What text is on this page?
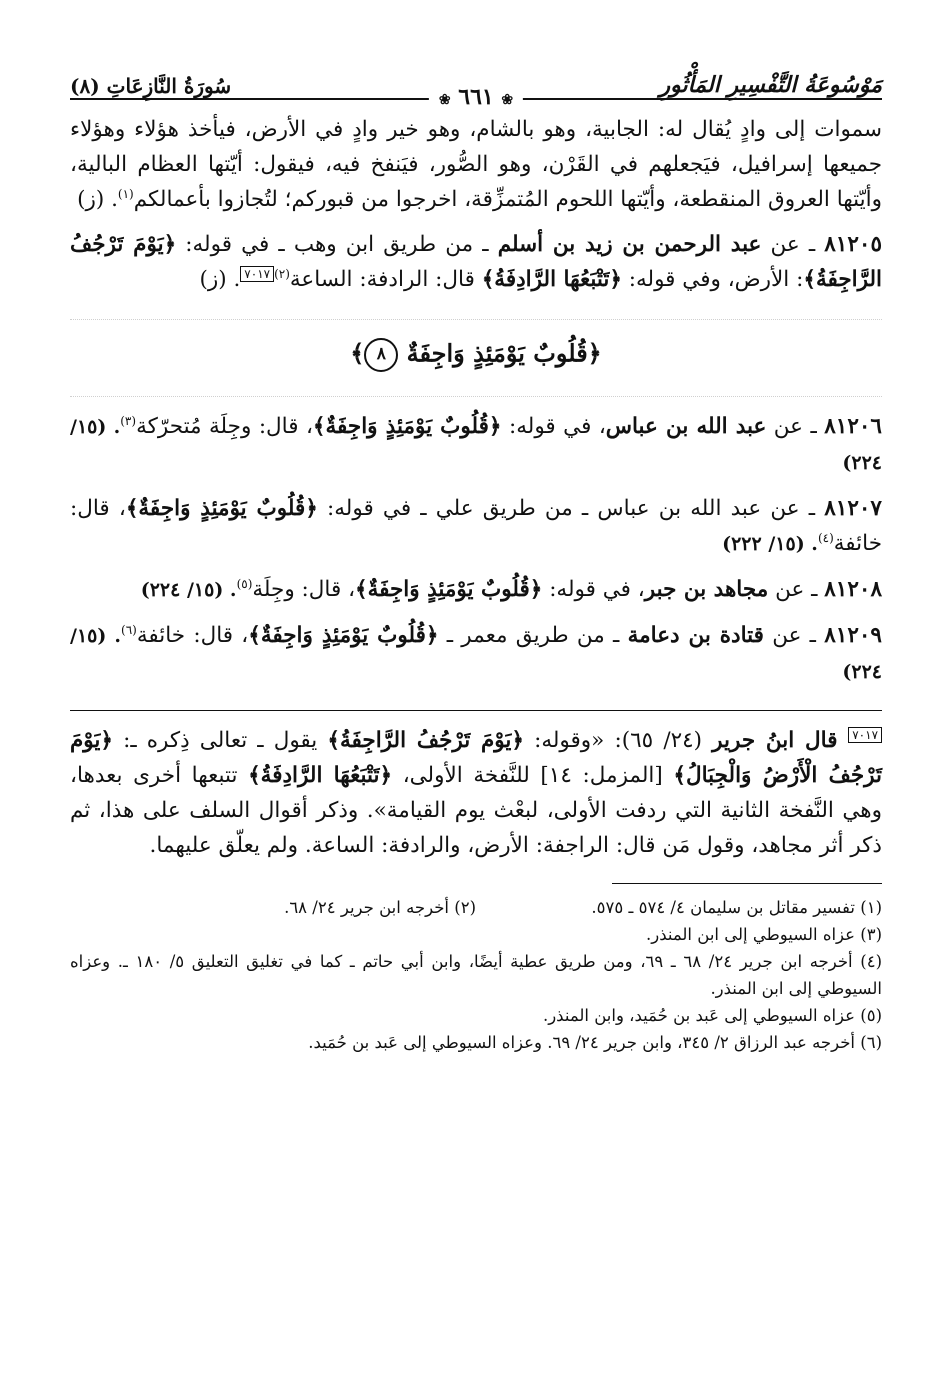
مَوْسُوعَةُ التَّفْسِيرِ المَأْثُورِ
❀ ٦٦١ ❀
سُورَةُ النَّازِعَاتِ (٨)

سموات إلى وادٍ يُقال له: الجابية، وهو بالشام، وهو خير وادٍ في الأرض، فيأخذ هؤلاء وهؤلاء جميعها إسرافيل، فيَجعلهم في القَرْن، وهو الصُّور، فيَنفخ فيه، فيقول: أيّتها العظام البالية، وأيّتها العروق المنقطعة، وأيّتها اللحوم المُتمزِّقة، اخرجوا من قبوركم؛ لتُجازوا بأعمالكم$^{(١)}$. (ز)

٨١٢٠٥ ـ عن عبد الرحمن بن زيد بن أسلم ـ من طريق ابن وهب ـ في قوله: ﴿يَوْمَ تَرْجُفُ الرَّاجِفَةُ﴾: الأرض، وفي قوله: ﴿تَتْبَعُهَا الرَّادِفَةُ﴾ قال: الرادفة: الساعة$^{(٢)}$٧٠١٧. (ز)

﴿قُلُوبٌ يَوْمَئِذٍ وَاجِفَةٌ ٨﴾

٨١٢٠٦ ـ عن عبد الله بن عباس، في قوله: ﴿قُلُوبٌ يَوْمَئِذٍ وَاجِفَةٌ﴾، قال: وجِلَة مُتحرّكة$^{(٣)}$. (١٥/ ٢٢٤)

٨١٢٠٧ ـ عن عبد الله بن عباس ـ من طريق علي ـ في قوله: ﴿قُلُوبٌ يَوْمَئِذٍ وَاجِفَةٌ﴾، قال: خائفة$^{(٤)}$. (١٥/ ٢٢٢)

٨١٢٠٨ ـ عن مجاهد بن جبر، في قوله: ﴿قُلُوبٌ يَوْمَئِذٍ وَاجِفَةٌ﴾، قال: وجِلَة$^{(٥)}$. (١٥/ ٢٢٤)

٨١٢٠٩ ـ عن قتادة بن دعامة ـ من طريق معمر ـ ﴿قُلُوبٌ يَوْمَئِذٍ وَاجِفَةٌ﴾، قال: خائفة$^{(٦)}$. (١٥/ ٢٢٤)

٧٠١٧ قال ابنُ جرير (٢٤/ ٦٥): «وقوله: ﴿يَوْمَ تَرْجُفُ الرَّاجِفَةُ﴾ يقول ـ تعالى ذِكره ـ: ﴿يَوْمَ تَرْجُفُ الْأَرْضُ وَالْجِبَالُ﴾ [المزمل: ١٤] للنَّفخة الأولى، ﴿تَتْبَعُهَا الرَّادِفَةُ﴾ تتبعها أخرى بعدها، وهي النَّفخة الثانية التي ردفت الأولى، لبعْث يوم القيامة». وذكر أقوال السلف على هذا، ثم ذكر أثر مجاهد، وقول مَن قال: الراجفة: الأرض، والرادفة: الساعة. ولم يعلّق عليهما.

(١) تفسير مقاتل بن سليمان ٤/ ٥٧٤ ـ ٥٧٥.
(٢) أخرجه ابن جرير ٢٤/ ٦٨.

(٣) عزاه السيوطي إلى ابن المنذر.

(٤) أخرجه ابن جرير ٢٤/ ٦٨ ـ ٦٩، ومن طريق عطية أيضًا، وابن أبي حاتم ـ كما في تغليق التعليق ٥/ ١٨٠ ـ. وعزاه السيوطي إلى ابن المنذر.

(٥) عزاه السيوطي إلى عَبد بن حُمَيد، وابن المنذر.

(٦) أخرجه عبد الرزاق ٢/ ٣٤٥، وابن جرير ٢٤/ ٦٩. وعزاه السيوطي إلى عَبد بن حُمَيد.
